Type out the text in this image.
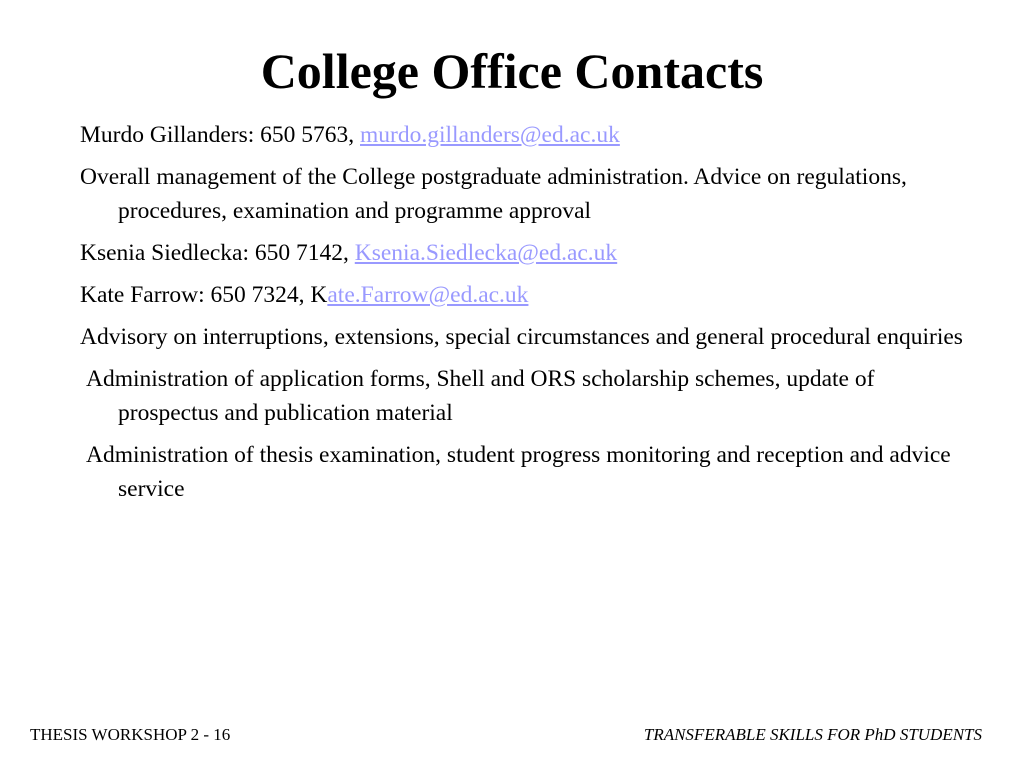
College Office Contacts

Murdo Gillanders: 650 5763, murdo.gillanders@ed.ac.uk

Overall management of the College postgraduate administration. Advice on regulations, procedures, examination and programme approval

Ksenia Siedlecka: 650 7142, Ksenia.Siedlecka@ed.ac.uk

Kate Farrow: 650 7324, Kate.Farrow@ed.ac.uk

Advisory on interruptions, extensions, special circumstances and general procedural enquiries

Administration of application forms, Shell and ORS scholarship schemes, update of prospectus and publication material

Administration of thesis examination, student progress monitoring and reception and advice service

THESIS WORKSHOP 2 - 16	TRANSFERABLE SKILLS FOR PhD STUDENTS
